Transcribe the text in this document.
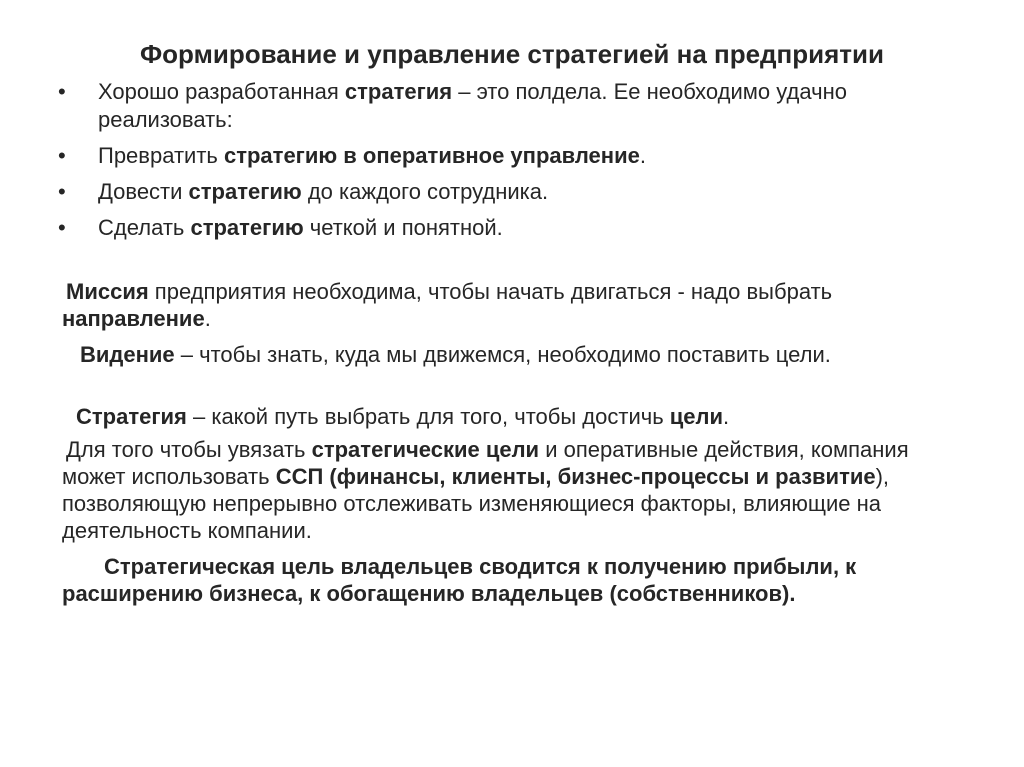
Формирование и управление стратегией на предприятии
• Хорошо разработанная стратегия – это полдела. Ее необходимо удачно реализовать:
• Превратить стратегию в оперативное управление.
• Довести стратегию до каждого сотрудника.
• Сделать стратегию четкой и понятной.
Миссия предприятия необходима, чтобы начать двигаться - надо выбрать направление.
Видение – чтобы знать, куда мы движемся, необходимо поставить цели.
Стратегия – какой путь выбрать для того, чтобы достичь цели.
Для того чтобы увязать стратегические цели и оперативные действия, компания может использовать ССП (финансы, клиенты, бизнес-процессы и развитие), позволяющую непрерывно отслеживать изменяющиеся факторы, влияющие на деятельность компании.
Стратегическая цель владельцев сводится к получению прибыли, к расширению бизнеса, к обогащению владельцев (собственников).
